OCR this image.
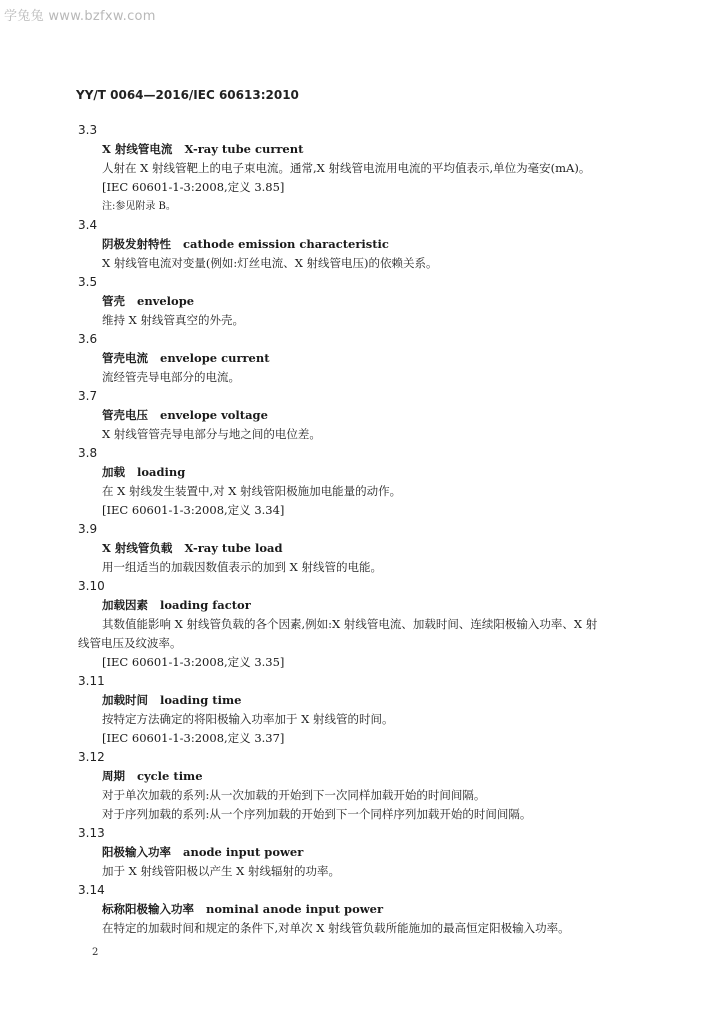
学兔兔 www.bzfxw.com
YY/T 0064—2016/IEC 60613:2010
3.3
X 射线管电流 X-ray tube current
人射在 X 射线管靶上的电子束电流。通常,X 射线管电流用电流的平均值表示,单位为毫安(mA)。
[IEC 60601-1-3:2008,定义 3.85]
注:参见附录 B。
3.4
阴极发射特性 cathode emission characteristic
X 射线管电流对变量(例如:灯丝电流、X 射线管电压)的依赖关系。
3.5
管壳 envelope
维持 X 射线管真空的外壳。
3.6
管壳电流 envelope current
流经管壳导电部分的电流。
3.7
管壳电压 envelope voltage
X 射线管管壳导电部分与地之间的电位差。
3.8
加载 loading
在 X 射线发生装置中,对 X 射线管阳极施加电能量的动作。
[IEC 60601-1-3:2008,定义 3.34]
3.9
X 射线管负载 X-ray tube load
用一组适当的加载因数值表示的加到 X 射线管的电能。
3.10
加载因素 loading factor
其数值能影响 X 射线管负载的各个因素,例如:X 射线管电流、加载时间、连续阳极输入功率、X 射
线管电压及纹波率。
[IEC 60601-1-3:2008,定义 3.35]
3.11
加载时间 loading time
按特定方法确定的将阳极输入功率加于 X 射线管的时间。
[IEC 60601-1-3:2008,定义 3.37]
3.12
周期 cycle time
对于单次加载的系列:从一次加载的开始到下一次同样加载开始的时间间隔。
对于序列加载的系列:从一个序列加载的开始到下一个同样序列加载开始的时间间隔。
3.13
阳极输入功率 anode input power
加于 X 射线管阳极以产生 X 射线辐射的功率。
3.14
标称阳极输入功率 nominal anode input power
在特定的加载时间和规定的条件下,对单次 X 射线管负载所能施加的最高恒定阳极输入功率。
2
